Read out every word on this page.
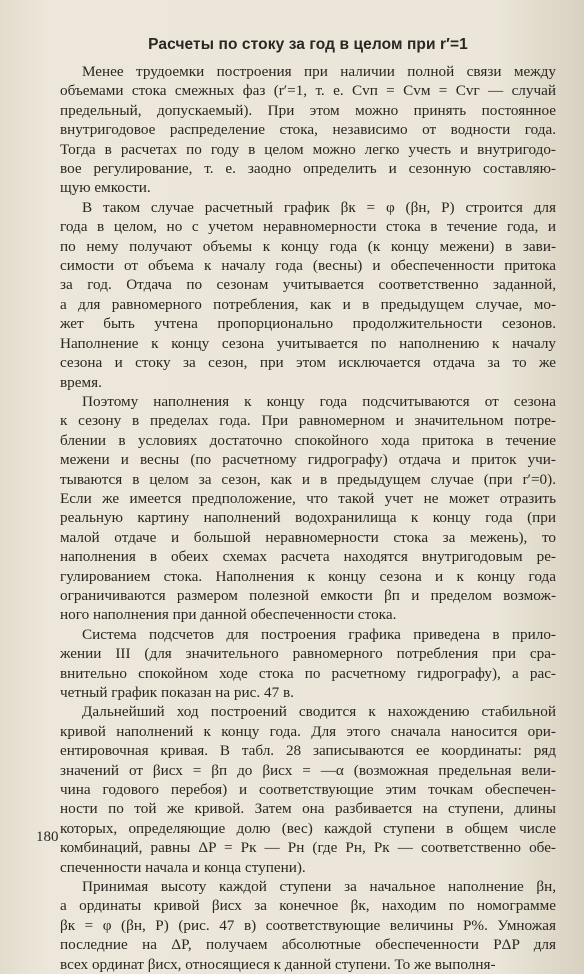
Расчеты по стоку за год в целом при r′=1

Менее трудоемки построения при наличии полной связи между
объемами стока смежных фаз (r′=1, т. е. Cvп = Cvм = Cvг — случай
предельный, допускаемый). При этом можно принять постоянное
внутригодовое распределение стока, независимо от водности года.
Тогда в расчетах по году в целом можно легко учесть и внутригодо-
вое регулирование, т. е. заодно определить и сезонную составляю-
щую емкости.

В таком случае расчетный график βк = φ (βн, P) строится для
года в целом, но с учетом неравномерности стока в течение года, и
по нему получают объемы к концу года (к концу межени) в зави-
симости от объема к началу года (весны) и обеспеченности притока
за год. Отдача по сезонам учитывается соответственно заданной,
а для равномерного потребления, как и в предыдущем случае, мо-
жет быть учтена пропорционально продолжительности сезонов.
Наполнение к концу сезона учитывается по наполнению к началу
сезона и стоку за сезон, при этом исключается отдача за то же
время.

Поэтому наполнения к концу года подсчитываются от сезона
к сезону в пределах года. При равномерном и значительном потре-
блении в условиях достаточно спокойного хода притока в течение
межени и весны (по расчетному гидрографу) отдача и приток учи-
тываются в целом за сезон, как и в предыдущем случае (при r′=0).
Если же имеется предположение, что такой учет не может отразить
реальную картину наполнений водохранилища к концу года (при
малой отдаче и большой неравномерности стока за межень), то
наполнения в обеих схемах расчета находятся внутригодовым ре-
гулированием стока. Наполнения к концу сезона и к концу года
ограничиваются размером полезной емкости βп и пределом возмож-
ного наполнения при данной обеспеченности стока.

Система подсчетов для построения графика приведена в прило-
жении III (для значительного равномерного потребления при сра-
внительно спокойном ходе стока по расчетному гидрографу), а рас-
четный график показан на рис. 47 в.

Дальнейший ход построений сводится к нахождению стабильной
кривой наполнений к концу года. Для этого сначала наносится ори-
ентировочная кривая. В табл. 28 записываются ее координаты: ряд
значений от βисх = βп до βисх = —α (возможная предельная вели-
чина годового перебоя) и соответствующие этим точкам обеспечен-
ности по той же кривой. Затем она разбивается на ступени, длины
которых, определяющие долю (вес) каждой ступени в общем числе
комбинаций, равны ΔP = Pк — Pн (где Pн, Pк — соответственно обе-
спеченности начала и конца ступени).

Принимая высоту каждой ступени за начальное наполнение βн,
а ординаты кривой βисх за конечное βк, находим по номограмме
βк = φ (βн, P) (рис. 47 в) соответствующие величины P%. Умножая
последние на ΔP, получаем абсолютные обеспеченности PΔP для
всех ординат βисх, относящиеся к данной ступени. То же выполня-

180
